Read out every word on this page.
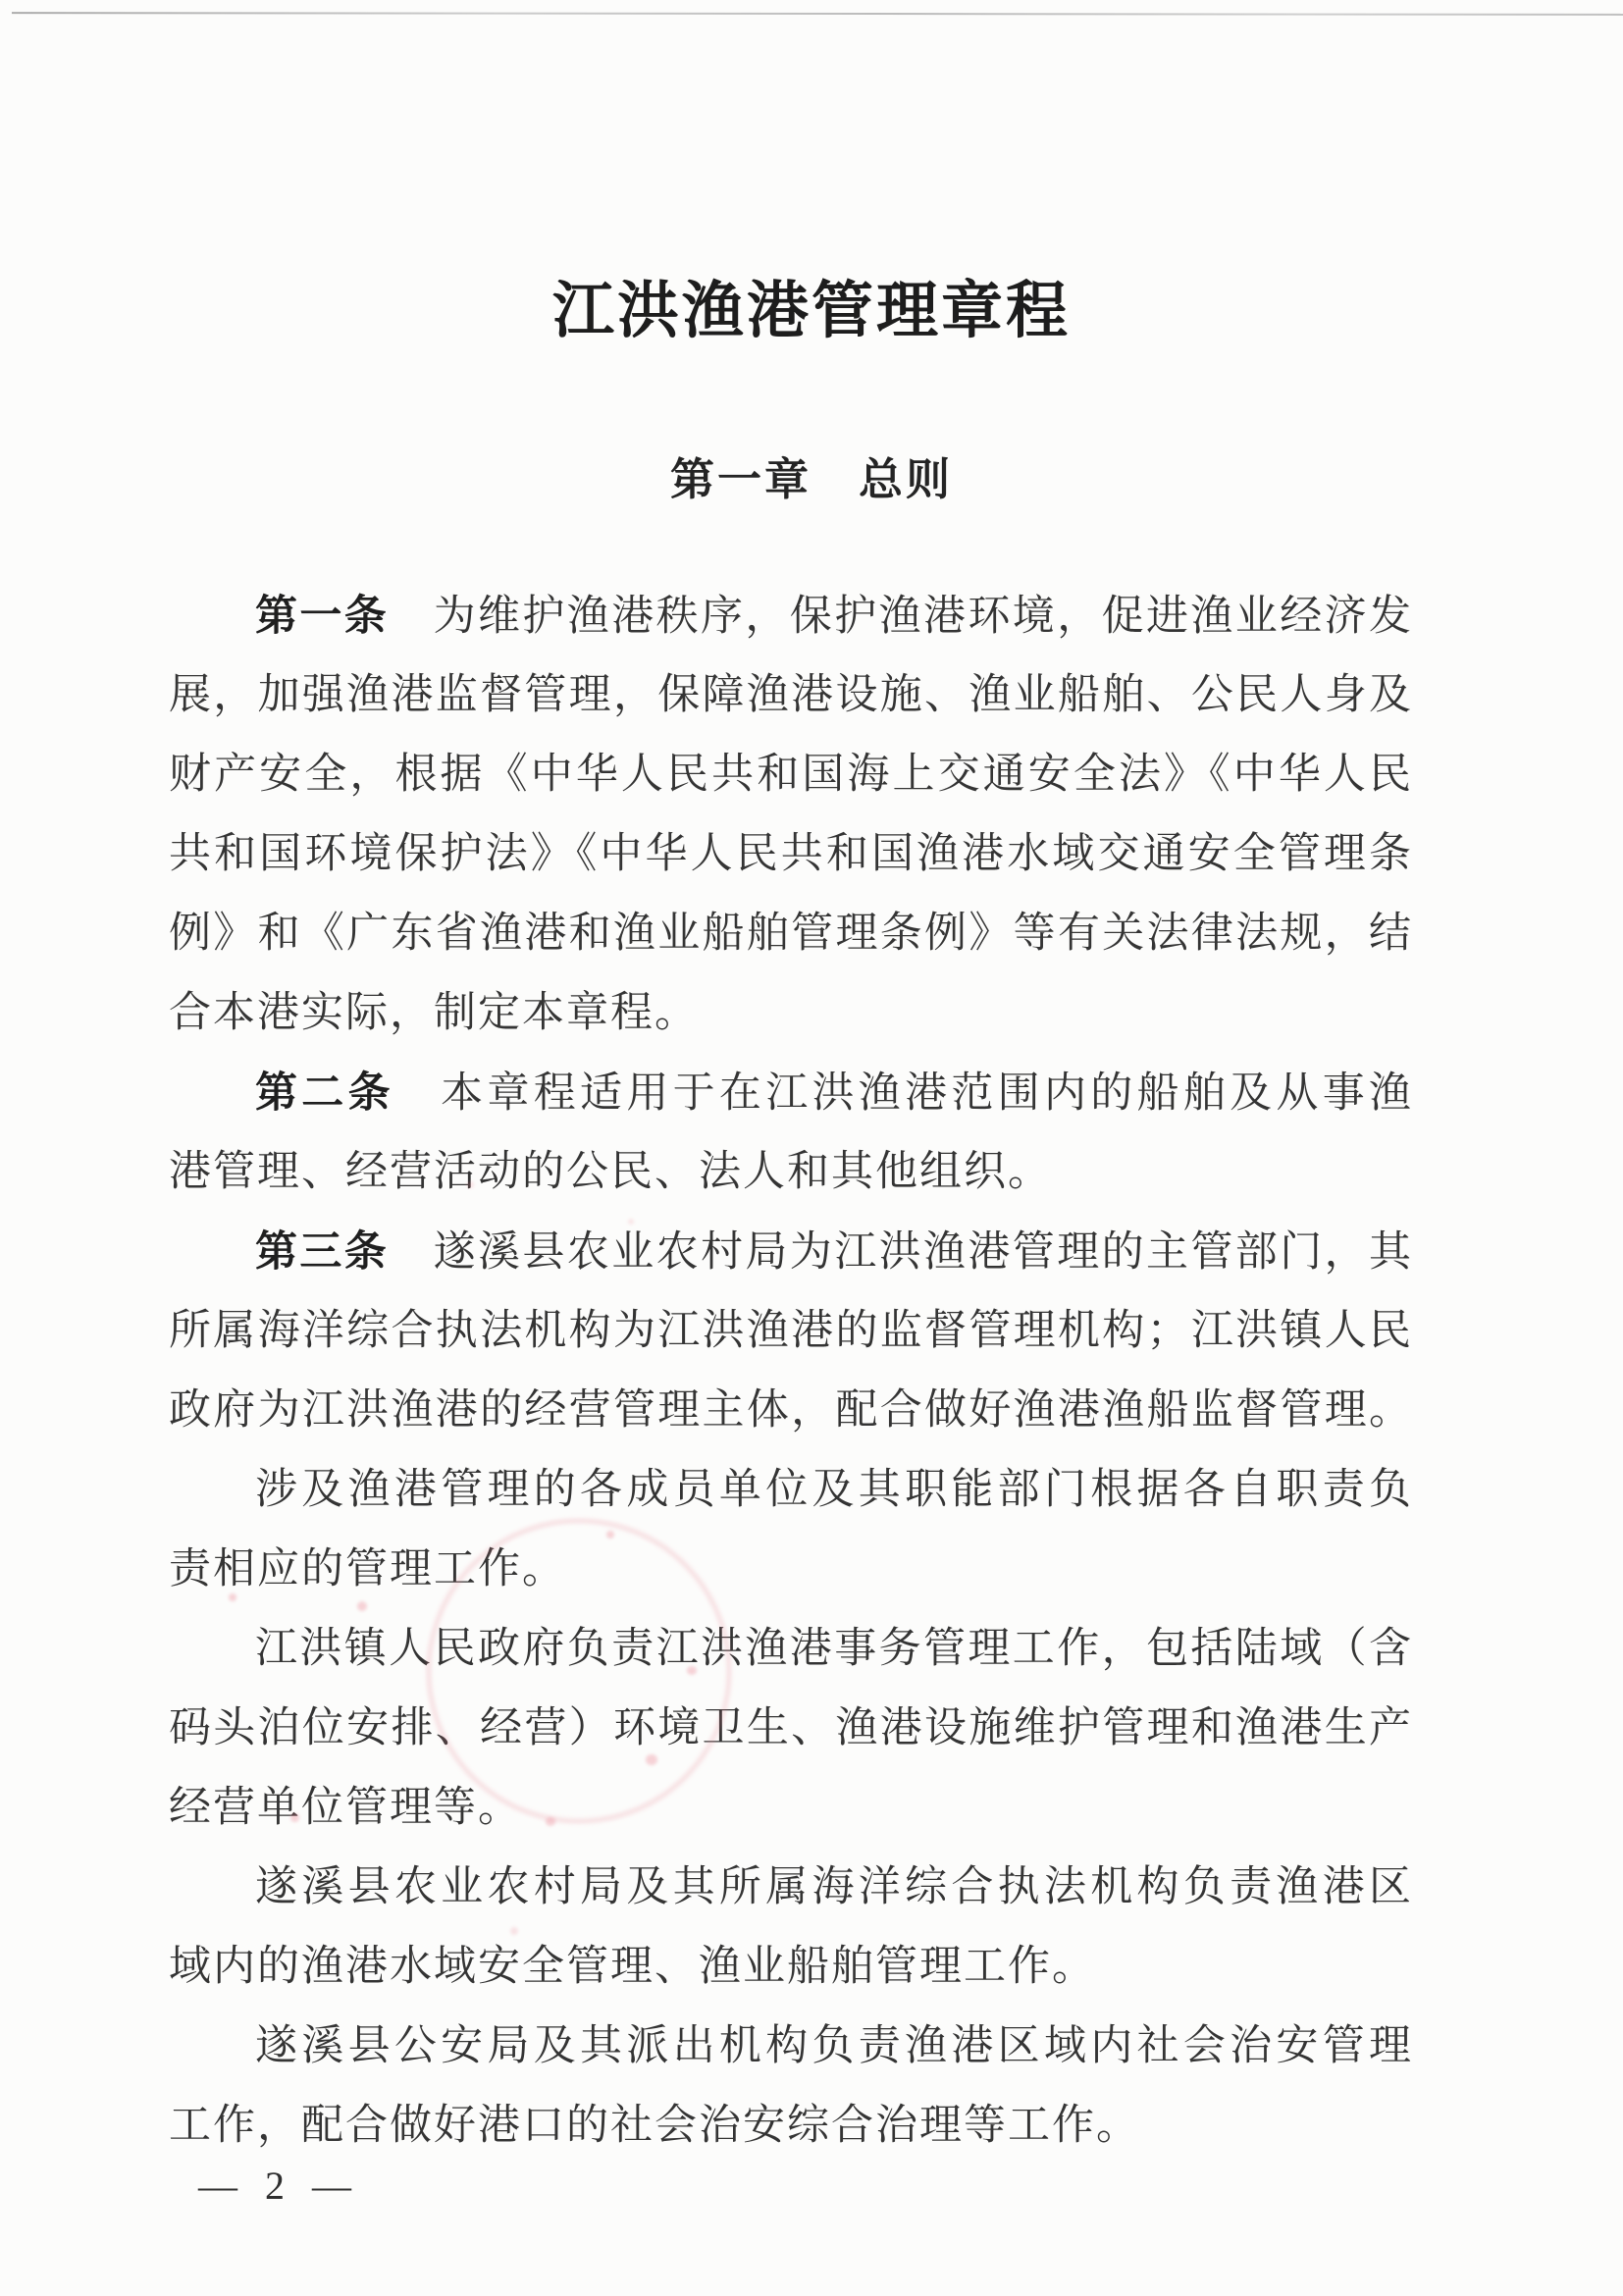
江洪渔港管理章程
第一章　总则
第一条　为维护渔港秩序，保护渔港环境，促进渔业经济发
展，加强渔港监督管理，保障渔港设施、渔业船舶、公民人身及
财产安全，根据《中华人民共和国海上交通安全法》《中华人民
共和国环境保护法》《中华人民共和国渔港水域交通安全管理条
例》和《广东省渔港和渔业船舶管理条例》等有关法律法规，结
合本港实际，制定本章程。
第二条　本章程适用于在江洪渔港范围内的船舶及从事渔
港管理、经营活动的公民、法人和其他组织。
第三条　遂溪县农业农村局为江洪渔港管理的主管部门，其
所属海洋综合执法机构为江洪渔港的监督管理机构；江洪镇人民
政府为江洪渔港的经营管理主体，配合做好渔港渔船监督管理。
涉及渔港管理的各成员单位及其职能部门根据各自职责负
责相应的管理工作。
江洪镇人民政府负责江洪渔港事务管理工作，包括陆域（含
码头泊位安排、经营）环境卫生、渔港设施维护管理和渔港生产
经营单位管理等。
遂溪县农业农村局及其所属海洋综合执法机构负责渔港区
域内的渔港水域安全管理、渔业船舶管理工作。
遂溪县公安局及其派出机构负责渔港区域内社会治安管理
工作，配合做好港口的社会治安综合治理等工作。
— 2 —
